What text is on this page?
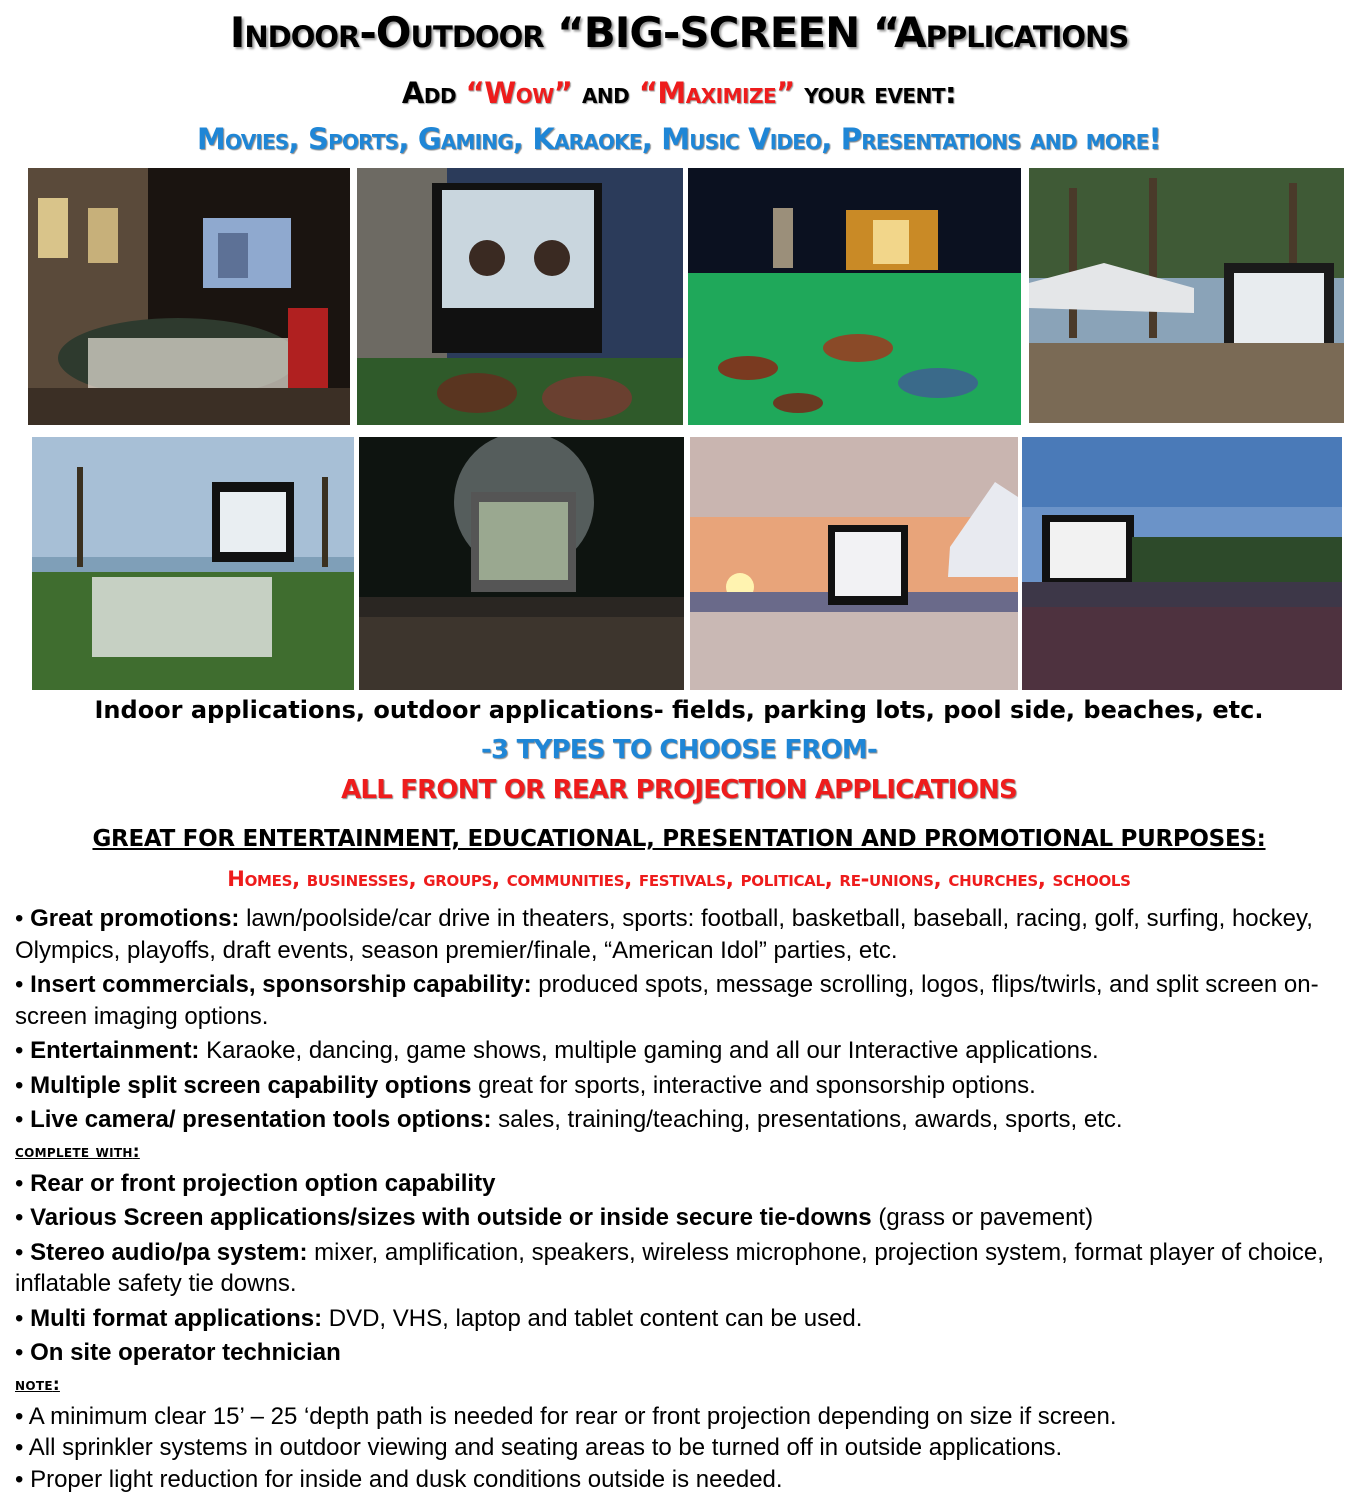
Indoor-Outdoor “BIG-SCREEN “Applications
Add “Wow” and “Maximize” your event:
Movies, Sports, Gaming, Karaoke, Music Video, Presentations and more!
Indoor applications, outdoor applications- fields, parking lots, pool side, beaches, etc.
-3 TYPES TO CHOOSE FROM-
ALL FRONT OR REAR PROJECTION APPLICATIONS
GREAT FOR ENTERTAINMENT, EDUCATIONAL, PRESENTATION AND PROMOTIONAL PURPOSES:
Homes, businesses, groups, communities, festivals, political, re-unions, churches, schools

• Great promotions: lawn/poolside/car drive in theaters, sports: football, basketball, baseball, racing, golf, surfing, hockey, Olympics, playoffs, draft events, season premier/finale, “American Idol” parties, etc.

• Insert commercials, sponsorship capability: produced spots, message scrolling, logos, flips/twirls, and split screen on-screen imaging options.

• Entertainment: Karaoke, dancing, game shows, multiple gaming and all our Interactive applications.

• Multiple split screen capability options great for sports, interactive and sponsorship options.

• Live camera/ presentation tools options: sales, training/teaching, presentations, awards, sports, etc.

complete with:

• Rear or front projection option capability

• Various Screen applications/sizes with outside or inside secure tie-downs (grass or pavement)

• Stereo audio/pa system: mixer, amplification, speakers, wireless microphone, projection system, format player of choice, inflatable safety tie downs.

• Multi format applications: DVD, VHS, laptop and tablet content can be used.

• On site operator technician

note:

• A minimum clear 15’ – 25 ‘depth path is needed for rear or front projection depending on size if screen.

• All sprinkler systems in outdoor viewing and seating areas to be turned off in outside applications.

• Proper light reduction for inside and dusk conditions outside is needed.
